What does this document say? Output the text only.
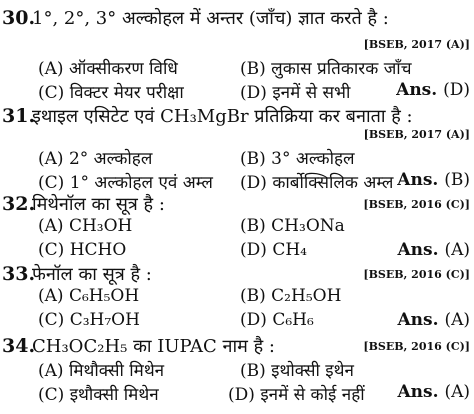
30.1°, 2°, 3° अल्कोहल में अन्तर (जाँच) ज्ञात करते है :
[BSEB, 2017 (A)]
(A) ऑक्सीकरण विधि	(B) लुकास प्रतिकारक जाँच
(C) विक्टर मेयर परीक्षा	(D) इनमें से सभी	Ans. (D)
31.इथाइल एसिटेट एवं CH₃MgBr प्रतिक्रिया कर बनाता है :
[BSEB, 2017 (A)]
(A) 2° अल्कोहल	(B) 3° अल्कोहल
(C) 1° अल्कोहल एवं अम्ल (D) कार्बोक्सिलिक अम्ल Ans. (B)
32.मिथेनॉल का सूत्र है :	[BSEB, 2016 (C)]
(A) CH₃OH	(B) CH₃ONa
(C) HCHO	(D) CH₄	Ans. (A)
33.फेनॉल का सूत्र है :	[BSEB, 2016 (C)]
(A) C₆H₅OH	(B) C₂H₅OH
(C) C₃H₇OH	(D) C₆H₆	Ans. (A)
34.CH₃OC₂H₅ का IUPAC नाम है :	[BSEB, 2016 (C)]
(A) मिथौक्सी मिथेन	(B) इथोक्सी इथेन
(C) इथौक्सी मिथेन	(D) इनमें से कोई नहीं Ans. (A)
